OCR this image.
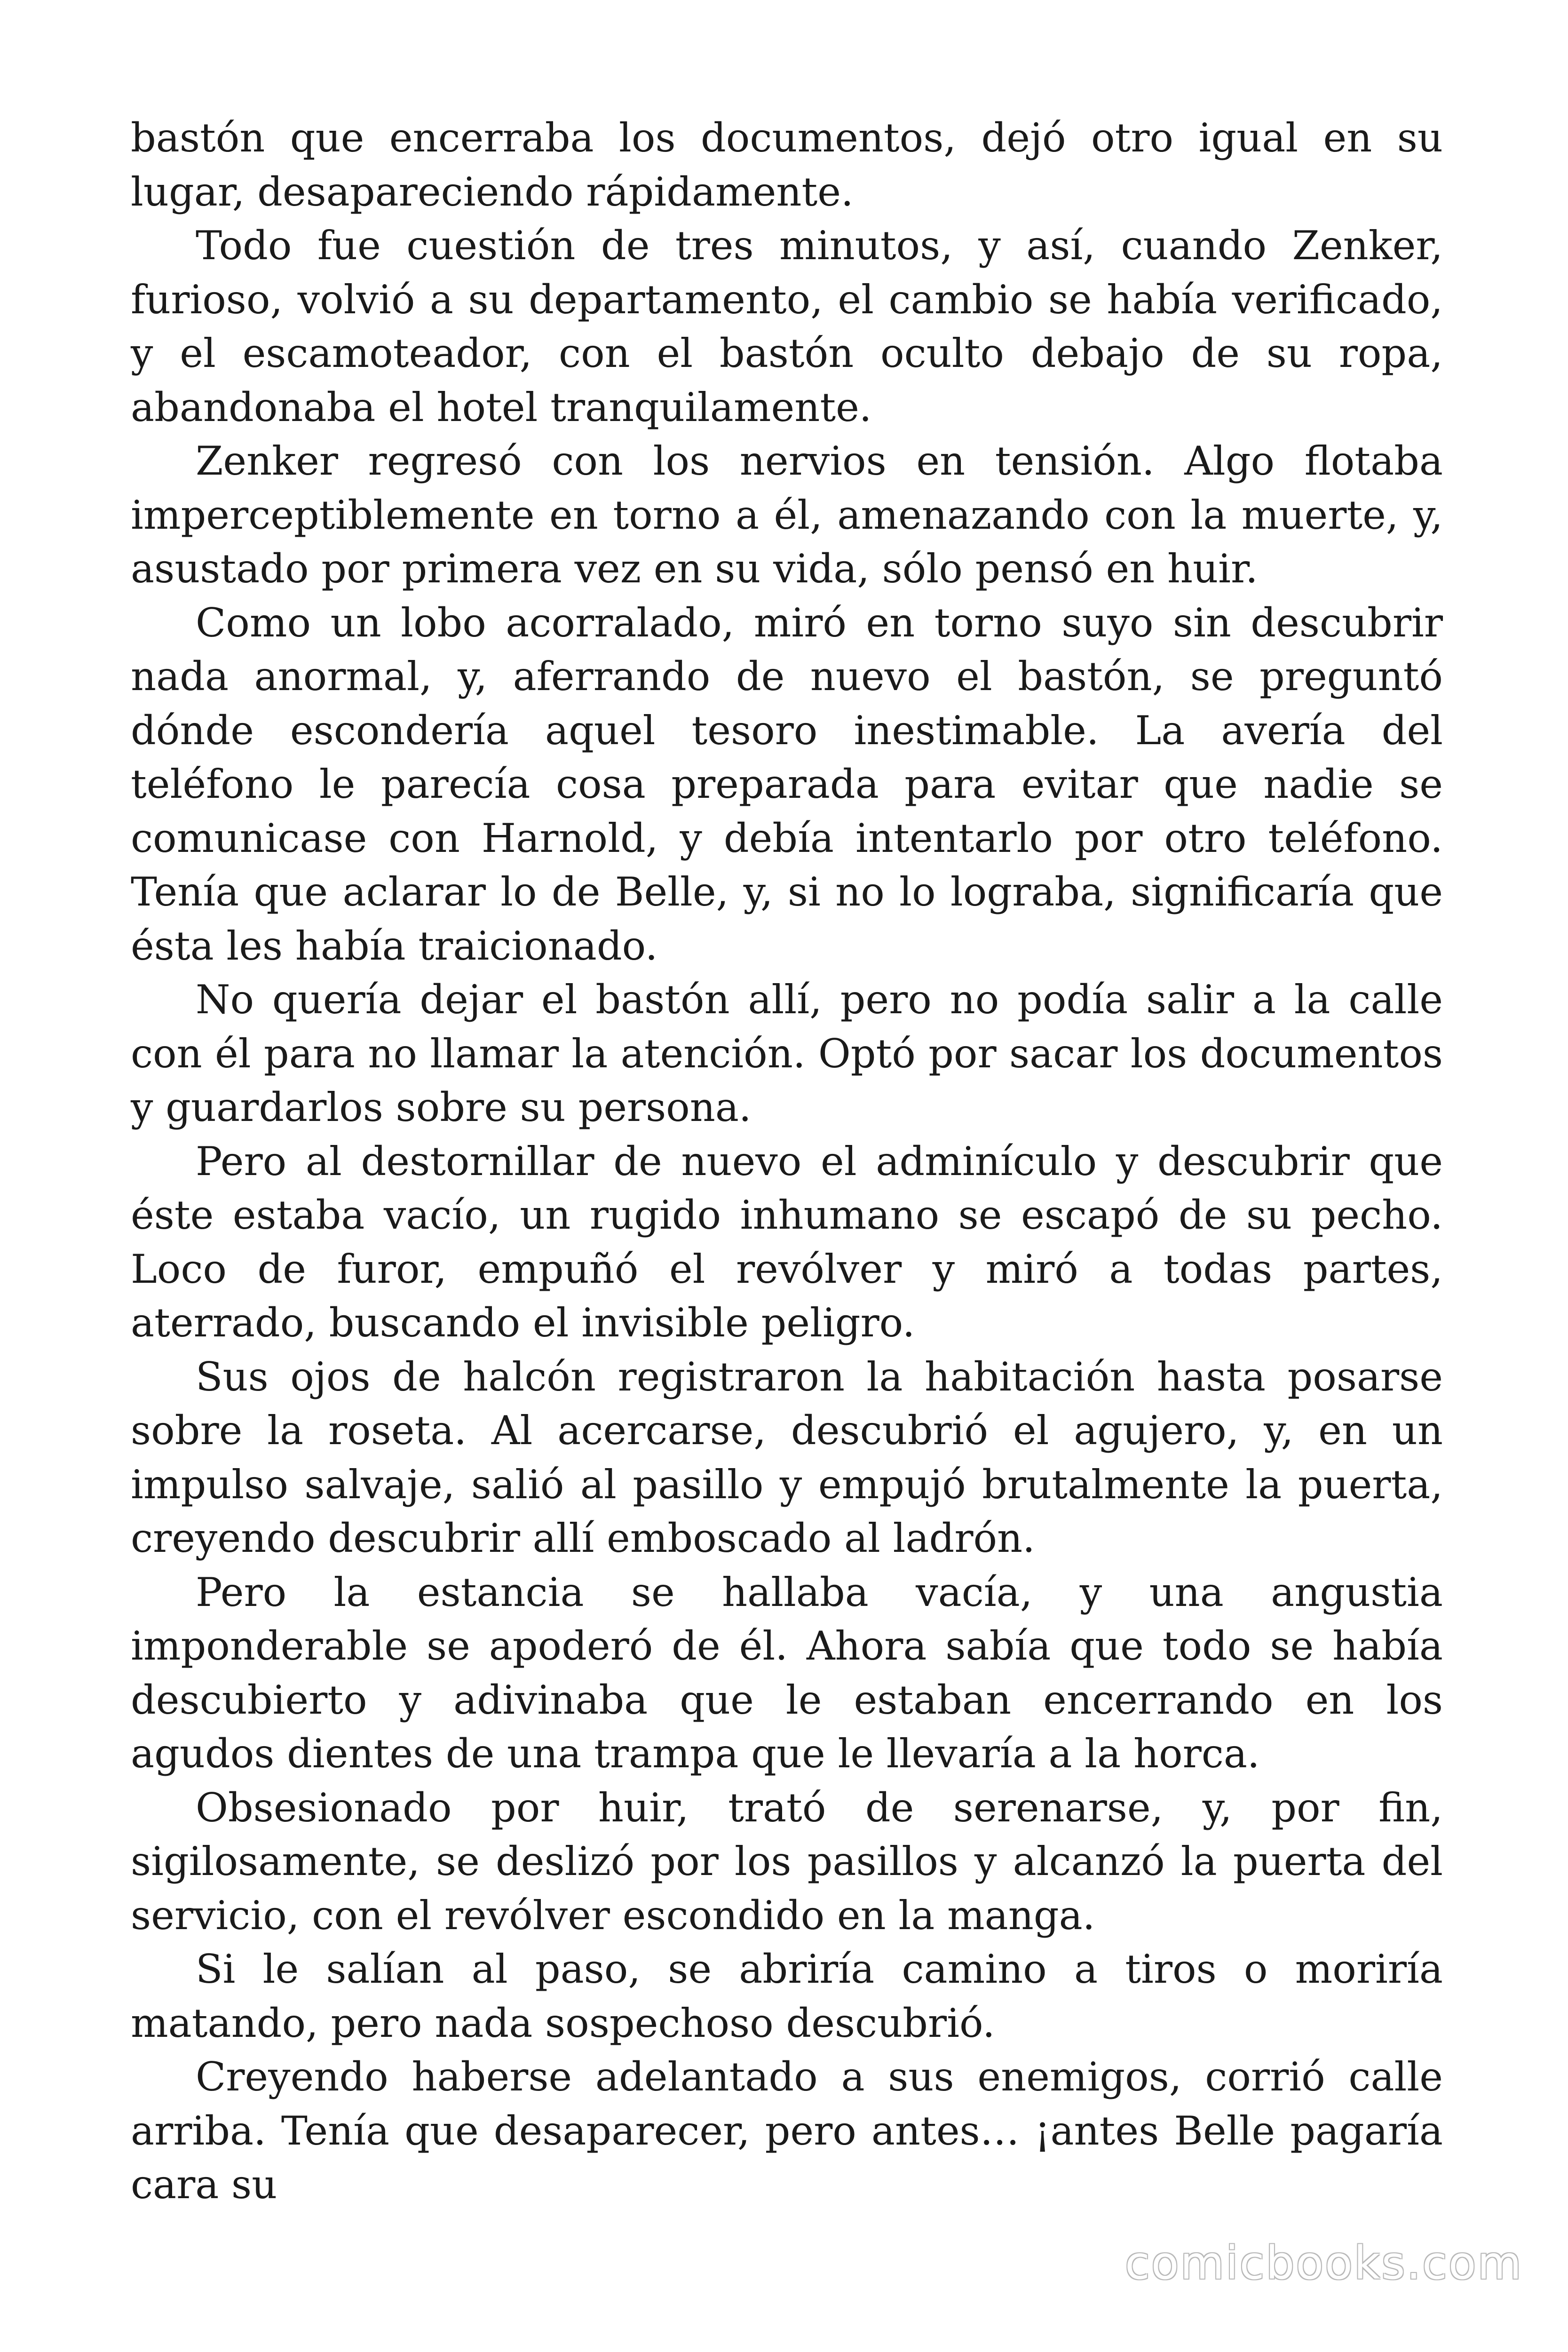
bastón que encerraba los documentos, dejó otro igual en su lugar, desapareciendo rápidamente.

Todo fue cuestión de tres minutos, y así, cuando Zenker, furioso, volvió a su departamento, el cambio se había verificado, y el escamoteador, con el bastón oculto debajo de su ropa, abandonaba el hotel tranquilamente.

Zenker regresó con los nervios en tensión. Algo flotaba imperceptiblemente en torno a él, amenazando con la muerte, y, asustado por primera vez en su vida, sólo pensó en huir.

Como un lobo acorralado, miró en torno suyo sin descubrir nada anormal, y, aferrando de nuevo el bastón, se preguntó dónde escondería aquel tesoro inestimable. La avería del teléfono le parecía cosa preparada para evitar que nadie se comunicase con Harnold, y debía intentarlo por otro teléfono. Tenía que aclarar lo de Belle, y, si no lo lograba, significaría que ésta les había traicionado.

No quería dejar el bastón allí, pero no podía salir a la calle con él para no llamar la atención. Optó por sacar los documentos y guardarlos sobre su persona.

Pero al destornillar de nuevo el adminículo y descubrir que éste estaba vacío, un rugido inhumano se escapó de su pecho. Loco de furor, empuñó el revólver y miró a todas partes, aterrado, buscando el invisible peligro.

Sus ojos de halcón registraron la habitación hasta posarse sobre la roseta. Al acercarse, descubrió el agujero, y, en un impulso salvaje, salió al pasillo y empujó brutalmente la puerta, creyendo descubrir allí emboscado al ladrón.

Pero la estancia se hallaba vacía, y una angustia imponderable se apoderó de él. Ahora sabía que todo se había descubierto y adivinaba que le estaban encerrando en los agudos dientes de una trampa que le llevaría a la horca.

Obsesionado por huir, trató de serenarse, y, por fin, sigilosamente, se deslizó por los pasillos y alcanzó la puerta del servicio, con el revólver escondido en la manga.

Si le salían al paso, se abriría camino a tiros o moriría matando, pero nada sospechoso descubrió.

Creyendo haberse adelantado a sus enemigos, corrió calle arriba. Tenía que desaparecer, pero antes… ¡antes Belle pagaría cara su

comicbooks.com
